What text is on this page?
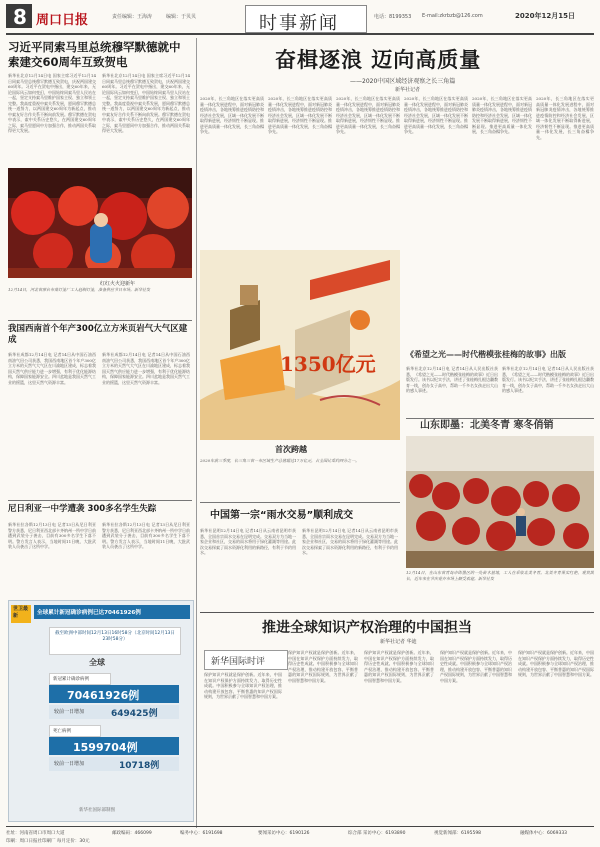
8 周口日报	责任编辑：王海涛	编辑：于贝贝	时事新闻	电话：8199353 E-mail:zkrbzb@126.com	2020年12月15日
习近平同索马里总统穆罕默德就中索建交60周年互致贺电
新华社北京12月14日电 国家主席习近平12月14日同索马里总统穆罕默德互致贺电，庆祝两国建交60周年。习近平在贺电中指出，建交60年来，无论国际风云如何变幻，中国始终同索马里人民站在一起，坚定支持索马里维护国家主权、独立和领土完整。我高度重视中索关系发展，愿同穆罕默德总统一道努力，以两国建交60周年为新起点，推动中索友好合作关系不断向前发展。穆罕默德在贺电中表示，索中关系历史悠久，在两国建交60周年之际，索马里愿同中方加强合作，推动两国关系取得更大发展。
新华社北京12月14日电 国家主席习近平12月14日同索马里总统穆罕默德互致贺电，庆祝两国建交60周年。习近平在贺电中指出，建交60年来，无论国际风云如何变幻，中国始终同索马里人民站在一起，坚定支持索马里维护国家主权、独立和领土完整。我高度重视中索关系发展，愿同穆罕默德总统一道努力，以两国建交60周年为新起点，推动中索友好合作关系不断向前发展。穆罕默德在贺电中表示，索中关系历史悠久，在两国建交60周年之际，索马里愿同中方加强合作，推动两国关系取得更大发展。
红红火火迎新年
12月14日，河北省邢台市某灯笼厂工人赶制灯笼，准备供应节日市场。新华社发
我国西南首个年产300亿立方米页岩气大气区建成
新华社成都12月14日电 记者14日从中国石油西南油气田公司获悉，我国西南地区首个年产300亿立方米的天然气大气区在川渝地区建成，标志着我国天然气供应能力进一步增强，有利于优化能源结构，保障国家能源安全。四川盆地是我国天然气工业的摇篮，这里天然气资源丰富。
新华社成都12月14日电 记者14日从中国石油西南油气田公司获悉，我国西南地区首个年产300亿立方米的天然气大气区在川渝地区建成，标志着我国天然气供应能力进一步增强，有利于优化能源结构，保障国家能源安全。四川盆地是我国天然气工业的摇篮，这里天然气资源丰富。
尼日利亚一中学遭袭 300多名学生失踪
新华社拉各斯12月13日电 记者13日从尼日利亚警方获悉，尼日利亚西北部卡齐纳州一所中学日前遭到武装分子袭击，目前有300多名学生下落不明。警方发言人表示，当地时间11日晚，大批武装人员袭击了这所中学。
新华社拉各斯12月13日电 记者13日从尼日利亚警方获悉，尼日利亚西北部卡齐纳州一所中学日前遭到武装分子袭击，目前有300多名学生下落不明。警方发言人表示，当地时间11日晚，大批武装人员袭击了这所中学。
世卫最新	全球累计新冠确诊病例已达70461926例
截至欧洲中部时间12月13日16时58分（北京时间12月13日23时58分）
全球
新冠累计确诊病例
70461926例
较前一日增加	649425例
死亡病例
1599704例
较前一日增加	10718例
新华社国际部制图
奋楫逐浪 迈向高质量
——2020中国区域经济观察之长三角篇
新华社记者
2020年，长三角地区在落实更高质量一体化发展进程中，面对新冠肺炎疫情冲击，各地统筹推进疫情防控和经济社会发展，区域一体化发展不断取得新进展，经济韧性不断显现。推进更高质量一体化发展，长三角奋楫争先。
2020年，长三角地区在落实更高质量一体化发展进程中，面对新冠肺炎疫情冲击，各地统筹推进疫情防控和经济社会发展，区域一体化发展不断取得新进展，经济韧性不断显现。推进更高质量一体化发展，长三角奋楫争先。
2020年，长三角地区在落实更高质量一体化发展进程中，面对新冠肺炎疫情冲击，各地统筹推进疫情防控和经济社会发展，区域一体化发展不断取得新进展，经济韧性不断显现。推进更高质量一体化发展，长三角奋楫争先。
2020年，长三角地区在落实更高质量一体化发展进程中，面对新冠肺炎疫情冲击，各地统筹推进疫情防控和经济社会发展，区域一体化发展不断取得新进展，经济韧性不断显现。推进更高质量一体化发展，长三角奋楫争先。
2020年，长三角地区在落实更高质量一体化发展进程中，面对新冠肺炎疫情冲击，各地统筹推进疫情防控和经济社会发展，区域一体化发展不断取得新进展，经济韧性不断显现。推进更高质量一体化发展，长三角奋楫争先。
2020年，长三角地区在落实更高质量一体化发展进程中，面对新冠肺炎疫情冲击，各地统筹推进疫情防控和经济社会发展，区域一体化发展不断取得新进展，经济韧性不断显现。推进更高质量一体化发展，长三角奋楫争先。
1350亿元
首次跨越
2020年前三季度，长三角三省一市区域生产总值超过17万亿元，占全国比重约四分之一。
《希望之光——时代楷模张桂梅的故事》出版
新华社北京12月14日电 记者14日从人民出版社获悉，《希望之光——时代楷模张桂梅的故事》近日出版发行。该书以纪实手法，讲述了张桂梅扎根边疆教育一线，创办女子高中，帮助一千多名女孩走出大山的感人事迹。
新华社北京12月14日电 记者14日从人民出版社获悉，《希望之光——时代楷模张桂梅的故事》近日出版发行。该书以纪实手法，讲述了张桂梅扎根边疆教育一线，创办女子高中，帮助一千多名女孩走出大山的感人事迹。
山东即墨：北美冬青 寒冬俏销
12月14日，在山东省青岛市即墨区的一处苗木基地，工人在采收北美冬青。北美冬青果实红艳，观赏期长，近年来在节庆花卉市场上颇受欢迎。新华社发
中国第一宗“雨水交易”顺利成交
新华社昆明12月14日电 记者14日从云南省昆明市获悉，全国首宗雨水交易在昆明完成。交易双方为当地一家企业和社区，交易的雨水将用于绿化灌溉等用途。此次交易探索了雨水资源化利用的新路径，有利于节约用水。
新华社昆明12月14日电 记者14日从云南省昆明市获悉，全国首宗雨水交易在昆明完成。交易双方为当地一家企业和社区，交易的雨水将用于绿化灌溉等用途。此次交易探索了雨水资源化利用的新路径，有利于节约用水。
推进全球知识产权治理的中国担当
新华社记者 华迪
新华国际时评
保护知识产权就是保护创新。近年来，中国在知识产权保护方面持续发力，取得历史性成就。中国积极参与全球知识产权治理，推动构建开放包容、平衡普惠的知识产权国际规则，为世界贡献了中国智慧和中国方案。
保护知识产权就是保护创新。近年来，中国在知识产权保护方面持续发力，取得历史性成就。中国积极参与全球知识产权治理，推动构建开放包容、平衡普惠的知识产权国际规则，为世界贡献了中国智慧和中国方案。
保护知识产权就是保护创新。近年来，中国在知识产权保护方面持续发力，取得历史性成就。中国积极参与全球知识产权治理，推动构建开放包容、平衡普惠的知识产权国际规则，为世界贡献了中国智慧和中国方案。
保护知识产权就是保护创新。近年来，中国在知识产权保护方面持续发力，取得历史性成就。中国积极参与全球知识产权治理，推动构建开放包容、平衡普惠的知识产权国际规则，为世界贡献了中国智慧和中国方案。
保护知识产权就是保护创新。近年来，中国在知识产权保护方面持续发力，取得历史性成就。中国积极参与全球知识产权治理，推动构建开放包容、平衡普惠的知识产权国际规则，为世界贡献了中国智慧和中国方案。
社址：河南省周口市周口大道	邮政编码：466099	编务中心：6191698	要闻采访中心：6190126	综合部 采访中心：6193890	视觉新闻部：6195598	融媒体中心：6069333
印刷：周口日报社印刷厂 每月定价：30元
